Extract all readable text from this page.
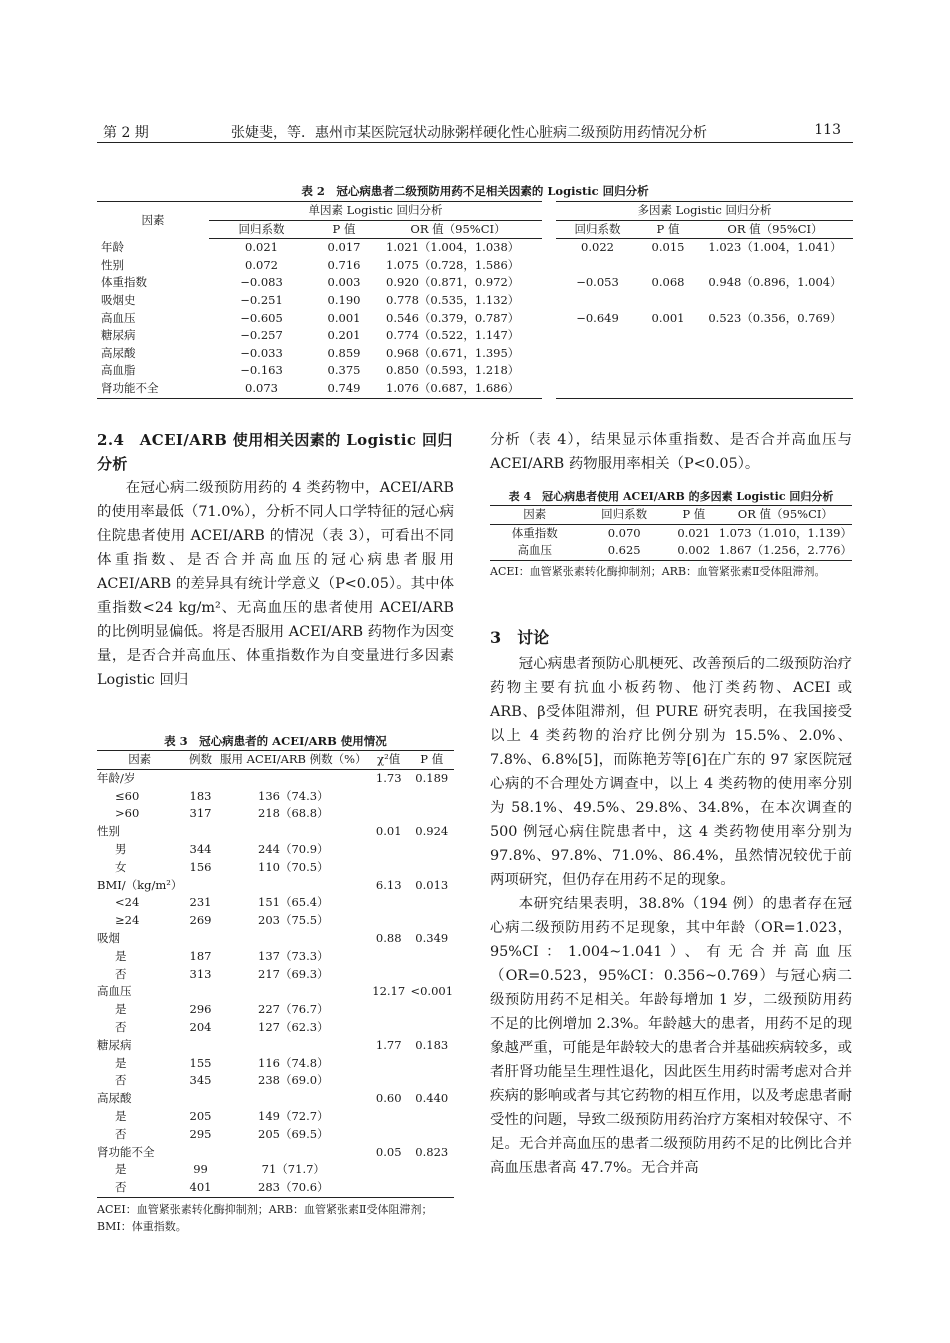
第 2 期	张婕斐，等．惠州市某医院冠状动脉粥样硬化性心脏病二级预防用药情况分析	113
表 2　冠心病患者二级预防用药不足相关因素的 Logistic 回归分析
因素	单因素 Logistic 回归分析			多因素 Logistic 回归分析		
	回归系数	P 值	OR 值（95%CI）	回归系数	P 值	OR 值（95%CI）
年龄	0.021	0.017	1.021（1.004，1.038）	0.022	0.015	1.023（1.004，1.041）
性别	0.072	0.716	1.075（0.728，1.586）			
体重指数	−0.083	0.003	0.920（0.871，0.972）	−0.053	0.068	0.948（0.896，1.004）
吸烟史	−0.251	0.190	0.778（0.535，1.132）			
高血压	−0.605	0.001	0.546（0.379，0.787）	−0.649	0.001	0.523（0.356，0.769）
糖尿病	−0.257	0.201	0.774（0.522，1.147）			
高尿酸	−0.033	0.859	0.968（0.671，1.395）			
高血脂	−0.163	0.375	0.850（0.593，1.218）			
肾功能不全	0.073	0.749	1.076（0.687，1.686）			
2.4　ACEI/ARB 使用相关因素的 Logistic 回归分析

在冠心病二级预防用药的 4 类药物中，ACEI/ARB 的使用率最低（71.0%），分析不同人口学特征的冠心病住院患者使用 ACEI/ARB 的情况（表 3），可看出不同体重指数、是否合并高血压的冠心病患者服用 ACEI/ARB 的差异具有统计学意义（P<0.05）。其中体重指数<24 kg/m²、无高血压的患者使用 ACEI/ARB 的比例明显偏低。将是否服用 ACEI/ARB 药物作为因变量，是否合并高血压、体重指数作为自变量进行多因素 Logistic 回归

表 3　冠心病患者的 ACEI/ARB 使用情况
因素	例数	服用 ACEI/ARB 例数（%）	χ²值	P 值
年龄/岁			1.73	0.189
≤60	183	136（74.3）		
>60	317	218（68.8）		
性别			0.01	0.924
男	344	244（70.9）		
女	156	110（70.5）		
BMI/（kg/m²）			6.13	0.013
<24	231	151（65.4）		
≥24	269	203（75.5）		
吸烟			0.88	0.349
是	187	137（73.3）		
否	313	217（69.3）		
高血压			12.17	<0.001
是	296	227（76.7）		
否	204	127（62.3）		
糖尿病			1.77	0.183
是	155	116（74.8）		
否	345	238（69.0）		
高尿酸			0.60	0.440
是	205	149（72.7）		
否	295	205（69.5）		
肾功能不全			0.05	0.823
是	99	71（71.7）		
否	401	283（70.6）		
ACEI：血管紧张素转化酶抑制剂；ARB：血管紧张素Ⅱ受体阻滞剂；BMI：体重指数。

分析（表 4），结果显示体重指数、是否合并高血压与 ACEI/ARB 药物服用率相关（P<0.05）。

表 4　冠心病患者使用 ACEI/ARB 的多因素 Logistic 回归分析
因素	回归系数	P 值	OR 值（95%CI）
体重指数	0.070	0.021	1.073（1.010，1.139）
高血压	0.625	0.002	1.867（1.256，2.776）
ACEI：血管紧张素转化酶抑制剂；ARB：血管紧张素Ⅱ受体阻滞剂。
3　讨论

冠心病患者预防心肌梗死、改善预后的二级预防治疗药物主要有抗血小板药物、他汀类药物、ACEI 或 ARB、β受体阻滞剂，但 PURE 研究表明，在我国接受以上 4 类药物的治疗比例分别为 15.5%、2.0%、7.8%、6.8%[5]，而陈艳芳等[6]在广东的 97 家医院冠心病的不合理处方调查中，以上 4 类药物的使用率分别为 58.1%、49.5%、29.8%、34.8%，在本次调查的 500 例冠心病住院患者中，这 4 类药物使用率分别为 97.8%、97.8%、71.0%、86.4%，虽然情况较优于前两项研究，但仍存在用药不足的现象。

本研究结果表明，38.8%（194 例）的患者存在冠心病二级预防用药不足现象，其中年龄（OR=1.023，95%CI：1.004~1.041）、有无合并高血压（OR=0.523，95%CI：0.356~0.769）与冠心病二级预防用药不足相关。年龄每增加 1 岁，二级预防用药不足的比例增加 2.3%。年龄越大的患者，用药不足的现象越严重，可能是年龄较大的患者合并基础疾病较多，或者肝肾功能呈生理性退化，因此医生用药时需考虑对合并疾病的影响或者与其它药物的相互作用，以及考虑患者耐受性的问题，导致二级预防用药治疗方案相对较保守、不足。无合并高血压的患者二级预防用药不足的比例比合并高血压患者高 47.7%。无合并高
